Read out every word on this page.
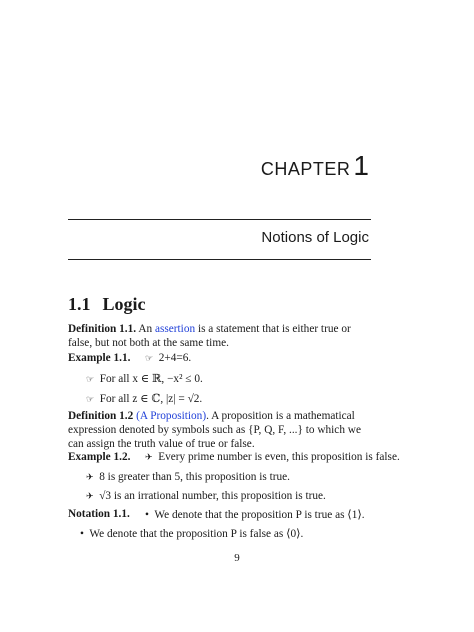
CHAPTER 1
Notions of Logic
1.1 Logic
Definition 1.1. An assertion is a statement that is either true or false, but not both at the same time.
Example 1.1. ☞ 2+4=6.
☞ For all x ∈ ℝ, −x² ≤ 0.
☞ For all z ∈ ℂ, |z| = √2.
Definition 1.2 (A Proposition). A proposition is a mathematical expression denoted by symbols such as {P, Q, F, ...} to which we can assign the truth value of true or false.
Example 1.2. ✈ Every prime number is even, this proposition is false.
✈ 8 is greater than 5, this proposition is true.
✈ √3 is an irrational number, this proposition is true.
Notation 1.1. • We denote that the proposition P is true as ⟨1⟩.
• We denote that the proposition P is false as ⟨0⟩.
9
